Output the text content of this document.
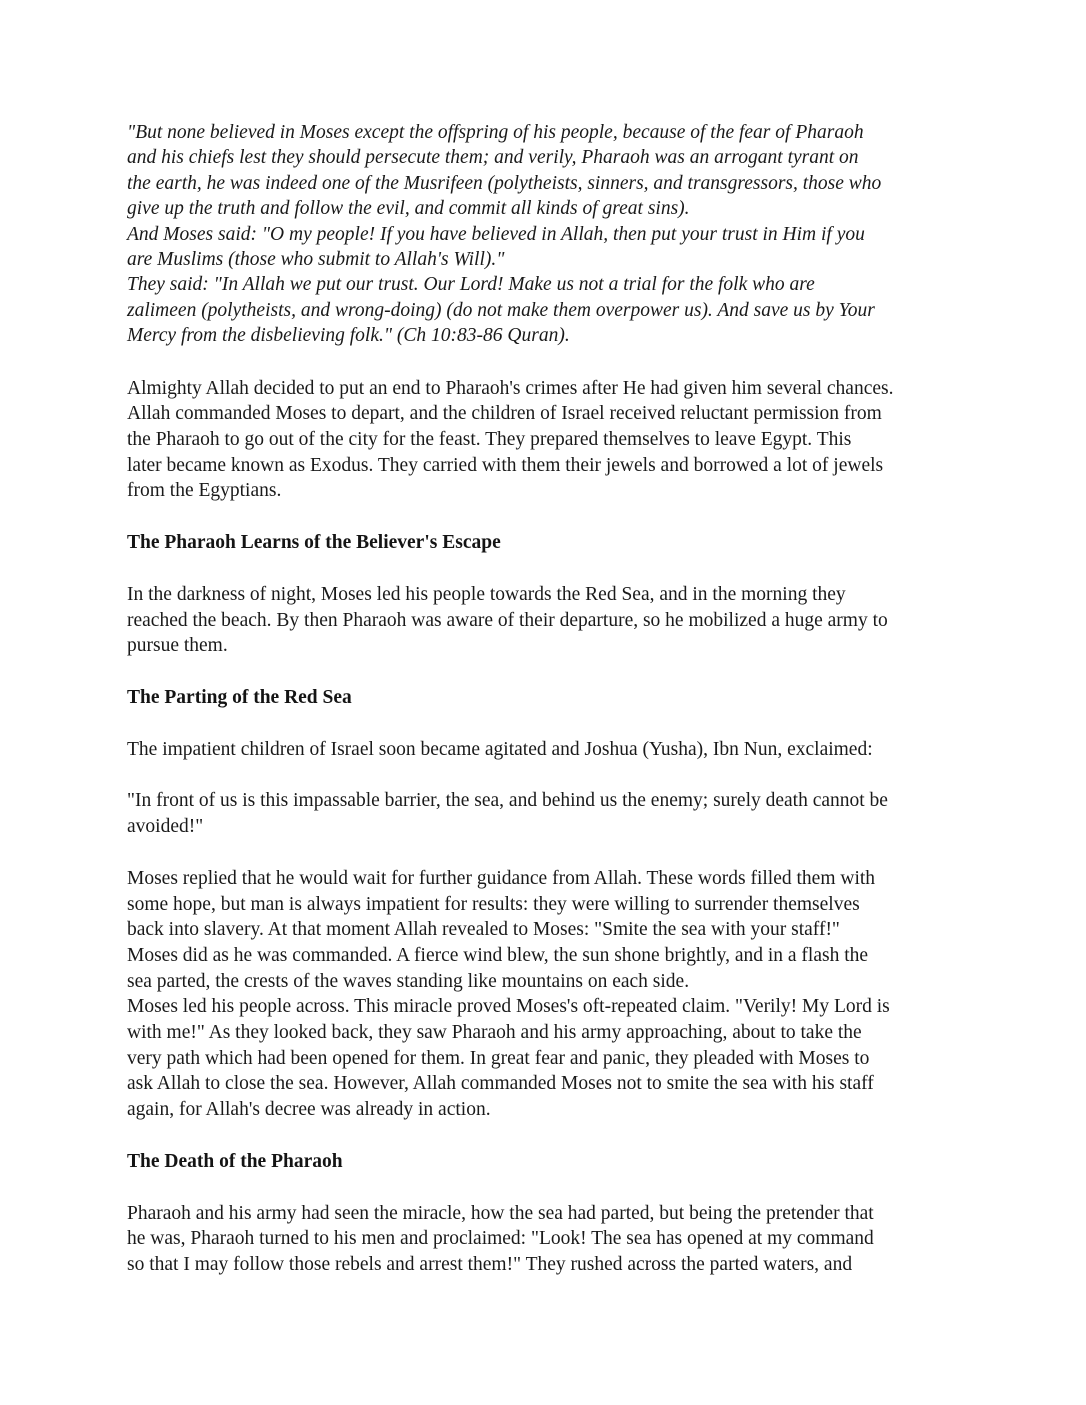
"But none believed in Moses except the offspring of his people, because of the fear of Pharaoh
and his chiefs lest they should persecute them; and verily, Pharaoh was an arrogant tyrant on
the earth, he was indeed one of the Musrifeen (polytheists, sinners, and transgressors, those who
give up the truth and follow the evil, and commit all kinds of great sins).
And Moses said: "O my people! If you have believed in Allah, then put your trust in Him if you
are Muslims (those who submit to Allah's Will)."
They said: "In Allah we put our trust. Our Lord! Make us not a trial for the folk who are
zalimeen (polytheists, and wrong-doing) (do not make them overpower us). And save us by Your
Mercy from the disbelieving folk." (Ch 10:83-86 Quran).

Almighty Allah decided to put an end to Pharaoh's crimes after He had given him several chances.
Allah commanded Moses to depart, and the children of Israel received reluctant permission from
the Pharaoh to go out of the city for the feast. They prepared themselves to leave Egypt. This
later became known as Exodus. They carried with them their jewels and borrowed a lot of jewels
from the Egyptians.

The Pharaoh Learns of the Believer's Escape

In the darkness of night, Moses led his people towards the Red Sea, and in the morning they
reached the beach. By then Pharaoh was aware of their departure, so he mobilized a huge army to
pursue them.

The Parting of the Red Sea

The impatient children of Israel soon became agitated and Joshua (Yusha), Ibn Nun, exclaimed:

"In front of us is this impassable barrier, the sea, and behind us the enemy; surely death cannot be
avoided!"

Moses replied that he would wait for further guidance from Allah. These words filled them with
some hope, but man is always impatient for results: they were willing to surrender themselves
back into slavery. At that moment Allah revealed to Moses: "Smite the sea with your staff!"
Moses did as he was commanded. A fierce wind blew, the sun shone brightly, and in a flash the
sea parted, the crests of the waves standing like mountains on each side.
Moses led his people across. This miracle proved Moses's oft-repeated claim. "Verily! My Lord is
with me!" As they looked back, they saw Pharaoh and his army approaching, about to take the
very path which had been opened for them. In great fear and panic, they pleaded with Moses to
ask Allah to close the sea. However, Allah commanded Moses not to smite the sea with his staff
again, for Allah's decree was already in action.

The Death of the Pharaoh

Pharaoh and his army had seen the miracle, how the sea had parted, but being the pretender that
he was, Pharaoh turned to his men and proclaimed: "Look! The sea has opened at my command
so that I may follow those rebels and arrest them!" They rushed across the parted waters, and
